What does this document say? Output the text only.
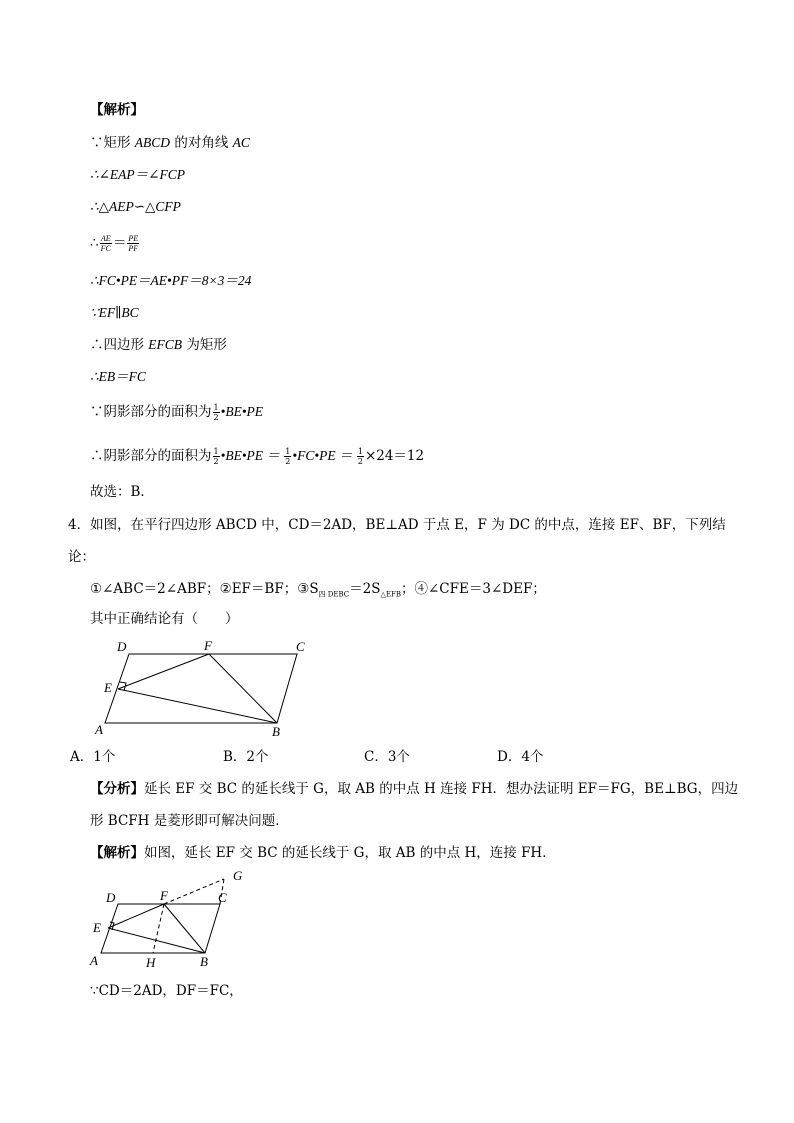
【解析】
∵矩形 ABCD 的对角线 AC
∴∠EAP＝∠FCP
∴△AEP∽△CFP
∴ $\frac{AE}{FC} = \frac{PE}{PF}$
∴FC•PE＝AE•PF＝8×3＝24
∵EF∥BC
∴四边形 EFCB 为矩形
∴EB＝FC
∵阴影部分的面积为 $\frac{1}{2}$ •BE•PE
∴阴影部分的面积为 $\frac{1}{2}$ •BE•PE ＝ $\frac{1}{2}$ •FC•PE ＝ $\frac{1}{2} \times 24=12$
故选：B．
4．如图，在平行四边形 ABCD 中，CD＝2AD，BE⊥AD 于点 E，F 为 DC 的中点，连接 EF、BF，下列结
论：
①∠ABC＝2∠ABF；②EF＝BF；$③S_{四 DEBC}=2S_{\triangle EFB}$；④∠CFE＝3∠DEF；
其中正确结论有（　　）
D	F	C
E
A	B
A．1个	B．2个	C．3个	D．4个
【分析】延长 EF 交 BC 的延长线于 G，取 AB 的中点 H 连接 FH．想办法证明 EF＝FG，BE⊥BG，四边
形 BCFH 是菱形即可解决问题．
【解析】如图，延长 EF 交 BC 的延长线于 G，取 AB 的中点 H，连接 FH．
D	F
G
C
E
A	H	B
∵CD＝2AD，DF＝FC，
